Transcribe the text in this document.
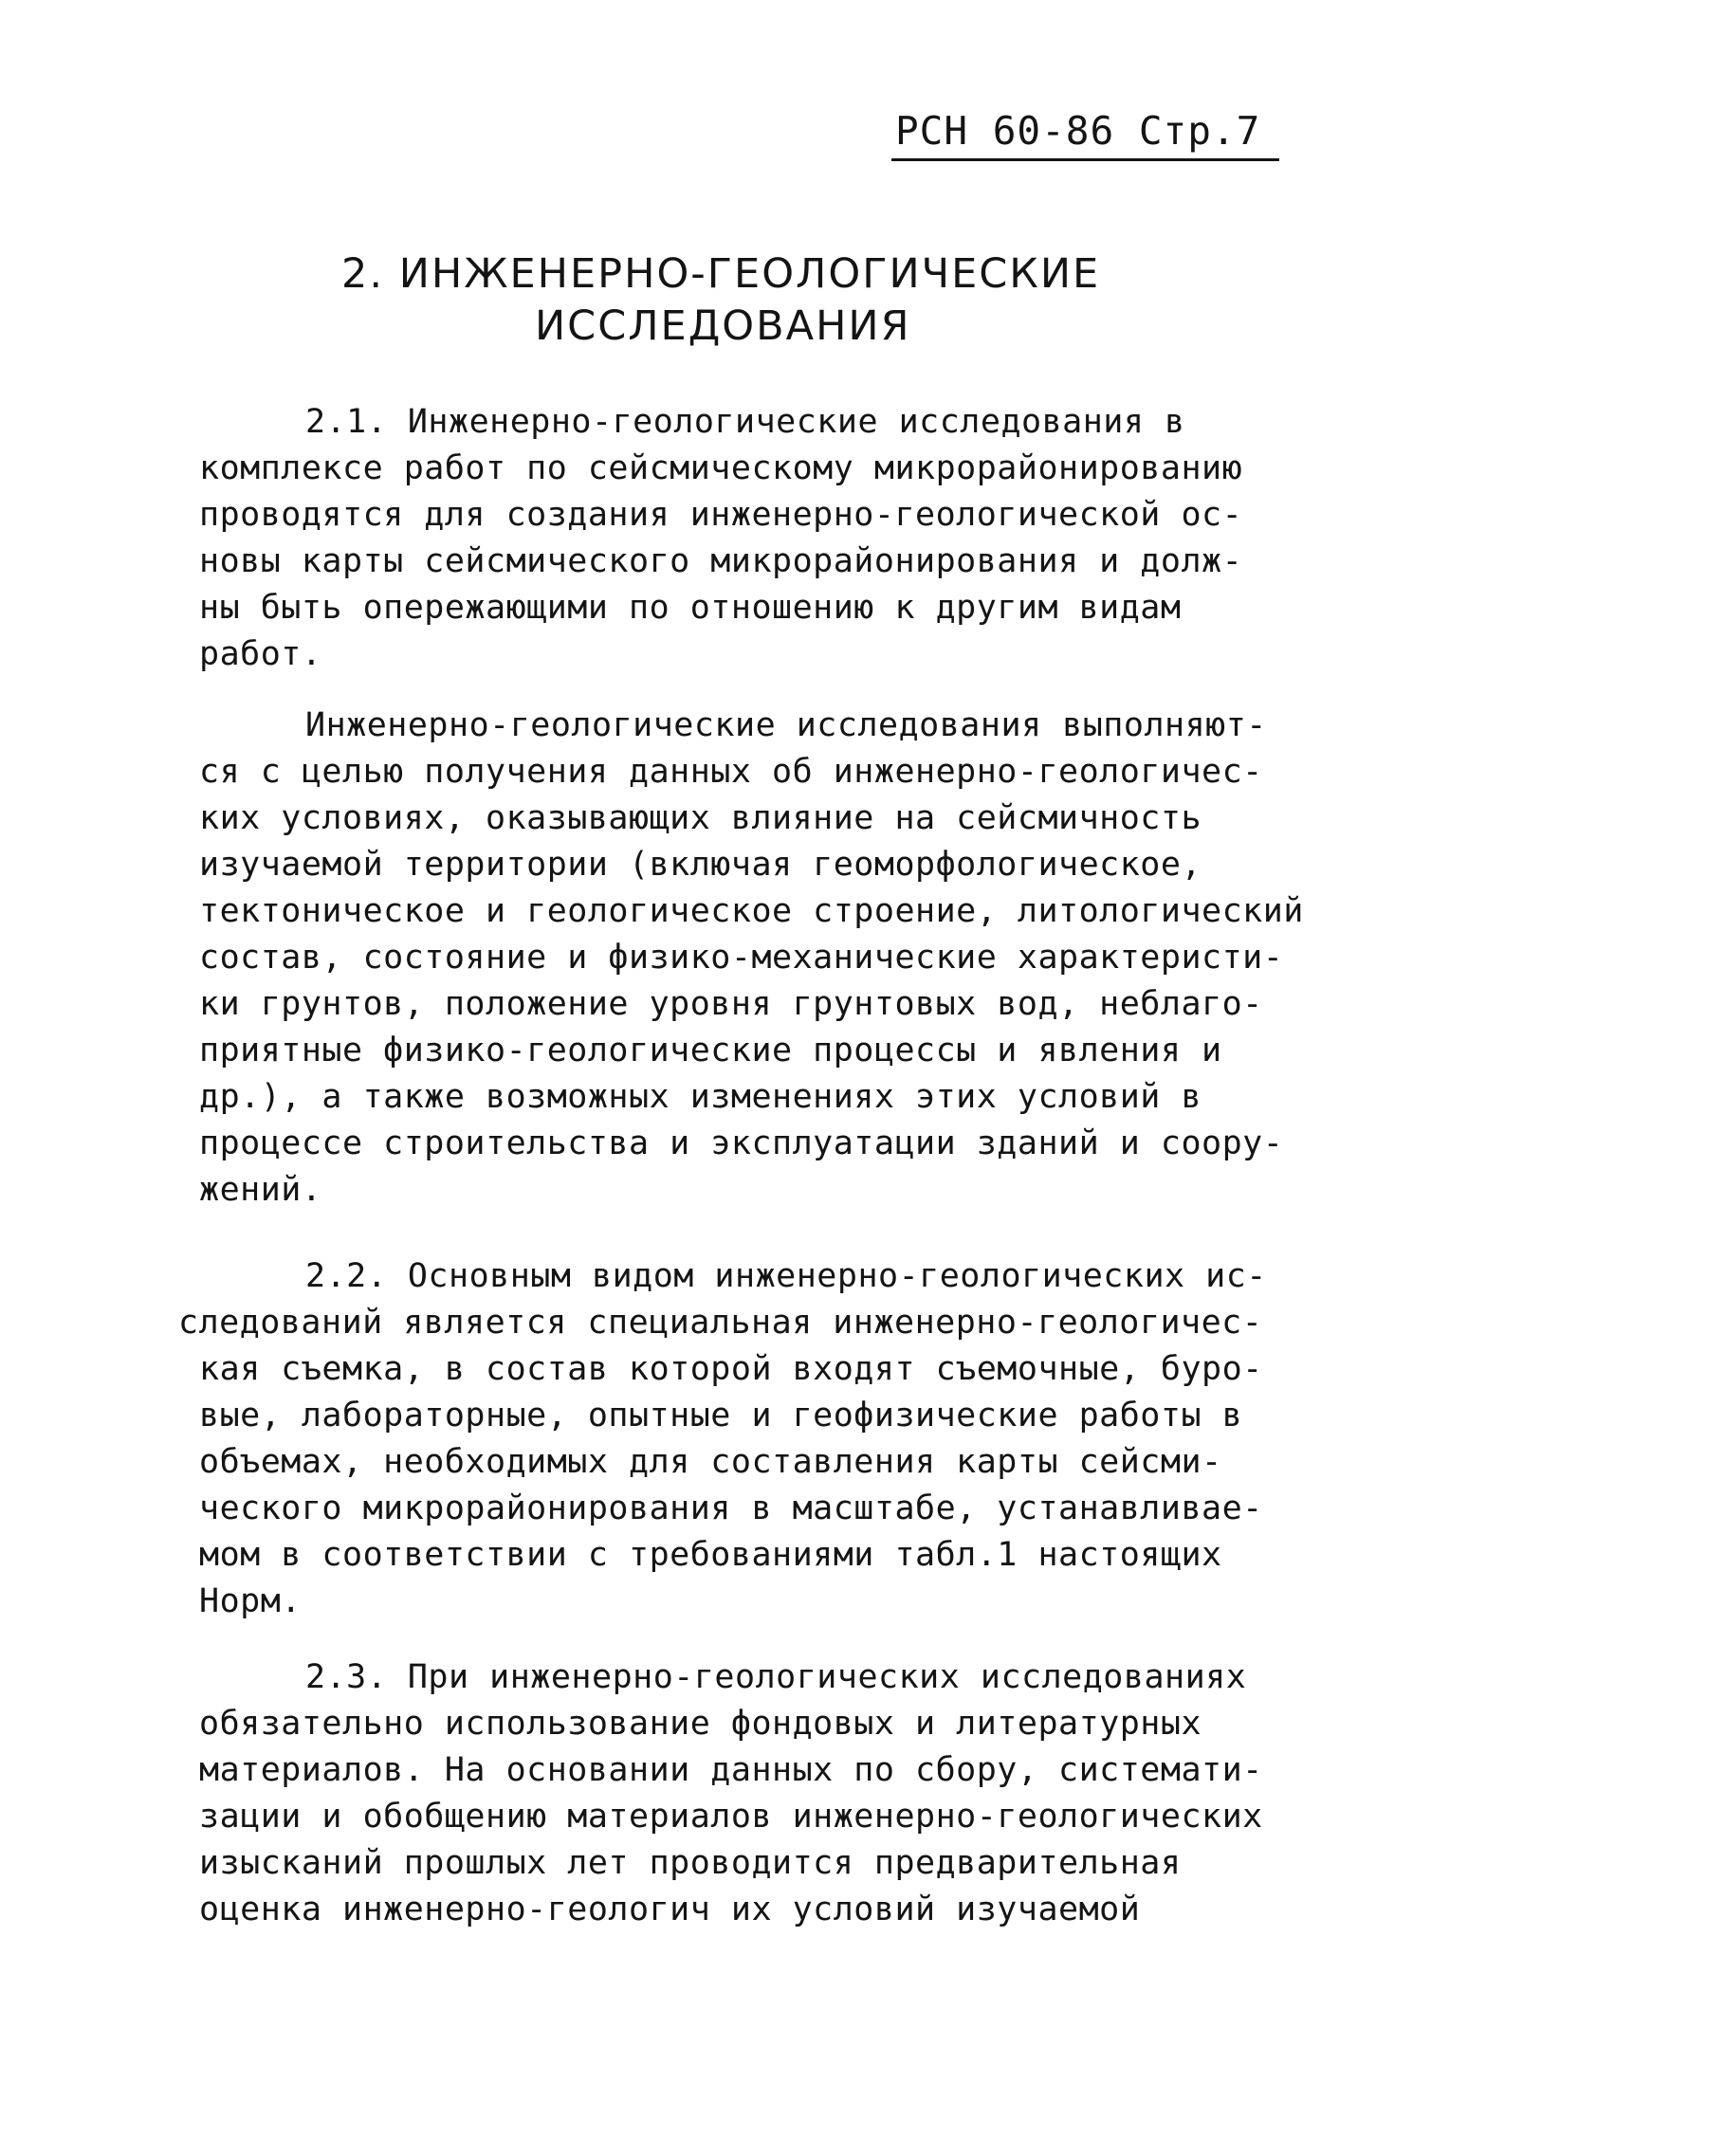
РСН 60-86 Стр.7
2. ИНЖЕНЕРНО-ГЕОЛОГИЧЕСКИЕ
ИССЛЕДОВАНИЯ
2.1. Инженерно-геологические исследования в
комплексе работ по сейсмическому микрорайонированию
проводятся для создания инженерно-геологической ос-
новы карты сейсмического микрорайонирования и долж-
ны быть опережающими по отношению к другим видам
работ.
Инженерно-геологические исследования выполняют-
ся с целью получения данных об инженерно-геологичес-
ких условиях, оказывающих влияние на сейсмичность
изучаемой территории (включая геоморфологическое,
тектоническое и геологическое строение, литологический
состав, состояние и физико-механические характеристи-
ки грунтов, положение уровня грунтовых вод, неблаго-
приятные физико-геологические процессы и явления и
др.), а также возможных изменениях этих условий в
процессе строительства и эксплуатации зданий и соору-
жений.
2.2. Основным видом инженерно-геологических ис-
следований является специальная инженерно-геологичес-
кая съемка, в состав которой входят съемочные, буро-
вые, лабораторные, опытные и геофизические работы в
объемах, необходимых для составления карты сейсми-
ческого микрорайонирования в масштабе, устанавливае-
мом в соответствии с требованиями табл.1 настоящих
Норм.
2.3. При инженерно-геологических исследованиях
обязательно использование фондовых и литературных
материалов. На основании данных по сбору, системати-
зации и обобщению материалов инженерно-геологических
изысканий прошлых лет проводится предварительная
оценка инженерно-геологич их условий изучаемой
